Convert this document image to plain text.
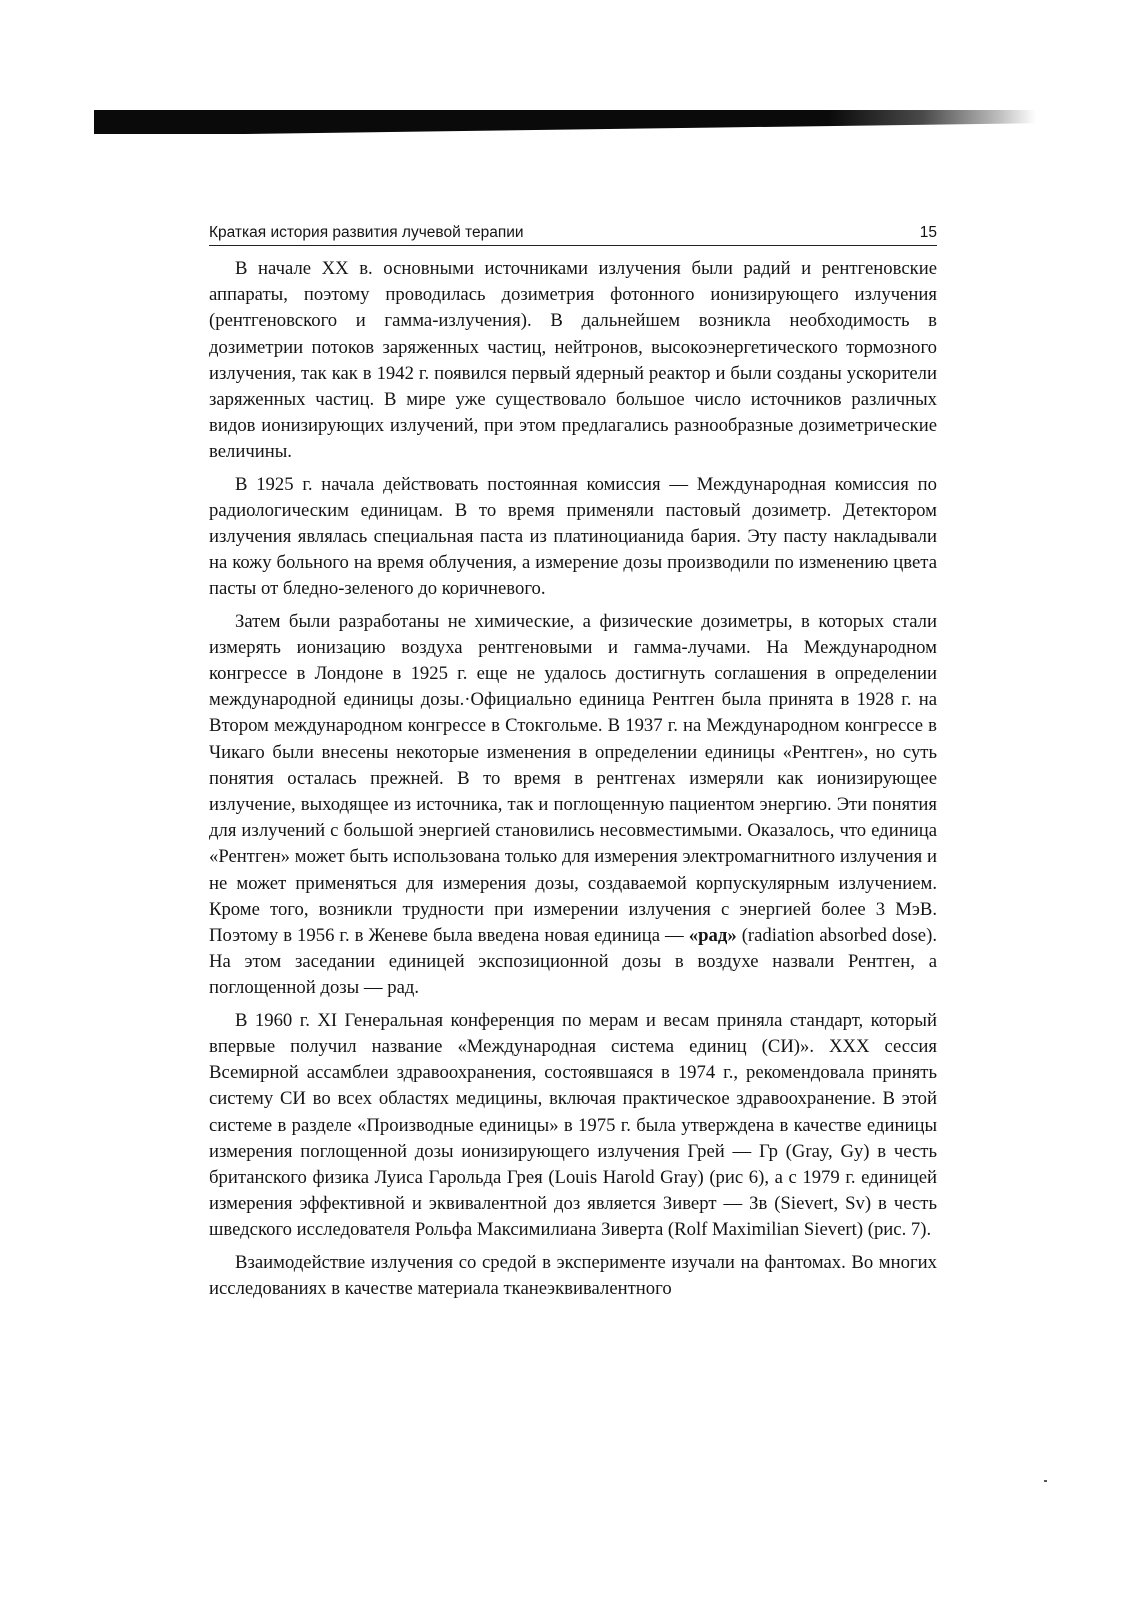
Краткая история развития лучевой терапии	15

В начале XX в. основными источниками излучения были радий и рентгеновские аппараты, поэтому проводилась дозиметрия фотонного ионизирующего излучения (рентгеновского и гамма-излучения). В дальнейшем возникла необходимость в дозиметрии потоков заряженных частиц, нейтронов, высокоэнергетического тормозного излучения, так как в 1942 г. появился первый ядерный реактор и были созданы ускорители заряженных частиц. В мире уже существовало большое число источников различных видов ионизирующих излучений, при этом предлагались разнообразные дозиметрические величины.

В 1925 г. начала действовать постоянная комиссия — Международная комиссия по радиологическим единицам. В то время применяли пастовый дозиметр. Детектором излучения являлась специальная паста из платиноцианида бария. Эту пасту накладывали на кожу больного на время облучения, а измерение дозы производили по изменению цвета пасты от бледно-зеленого до коричневого.

Затем были разработаны не химические, а физические дозиметры, в которых стали измерять ионизацию воздуха рентгеновыми и гамма-лучами. На Международном конгрессе в Лондоне в 1925 г. еще не удалось достигнуть соглашения в определении международной единицы дозы.·Официально единица Рентген была принята в 1928 г. на Втором международном конгрессе в Стокгольме. В 1937 г. на Международном конгрессе в Чикаго были внесены некоторые изменения в определении единицы «Рентген», но суть понятия осталась прежней. В то время в рентгенах измеряли как ионизирующее излучение, выходящее из источника, так и поглощенную пациентом энергию. Эти понятия для излучений с большой энергией становились несовместимыми. Оказалось, что единица «Рентген» может быть использована только для измерения электромагнитного излучения и не может применяться для измерения дозы, создаваемой корпускулярным излучением. Кроме того, возникли трудности при измерении излучения с энергией более 3 МэВ. Поэтому в 1956 г. в Женеве была введена новая единица — «рад» (radiation absorbed dose). На этом заседании единицей экспозиционной дозы в воздухе назвали Рентген, а поглощенной дозы — рад.

В 1960 г. XI Генеральная конференция по мерам и весам приняла стандарт, который впервые получил название «Международная система единиц (СИ)». XXX сессия Всемирной ассамблеи здравоохранения, состоявшаяся в 1974 г., рекомендовала принять систему СИ во всех областях медицины, включая практическое здравоохранение. В этой системе в разделе «Производные единицы» в 1975 г. была утверждена в качестве единицы измерения поглощенной дозы ионизирующего излучения Грей — Гр (Gray, Gy) в честь британского физика Луиса Гарольда Грея (Louis Harold Gray) (рис 6), а с 1979 г. единицей измерения эффективной и эквивалентной доз является Зиверт — Зв (Sievert, Sv) в честь шведского исследователя Рольфа Максимилиана Зиверта (Rolf Maximilian Sievert) (рис. 7).

Взаимодействие излучения со средой в эксперименте изучали на фантомах. Во многих исследованиях в качестве материала тканеэквивалентного
